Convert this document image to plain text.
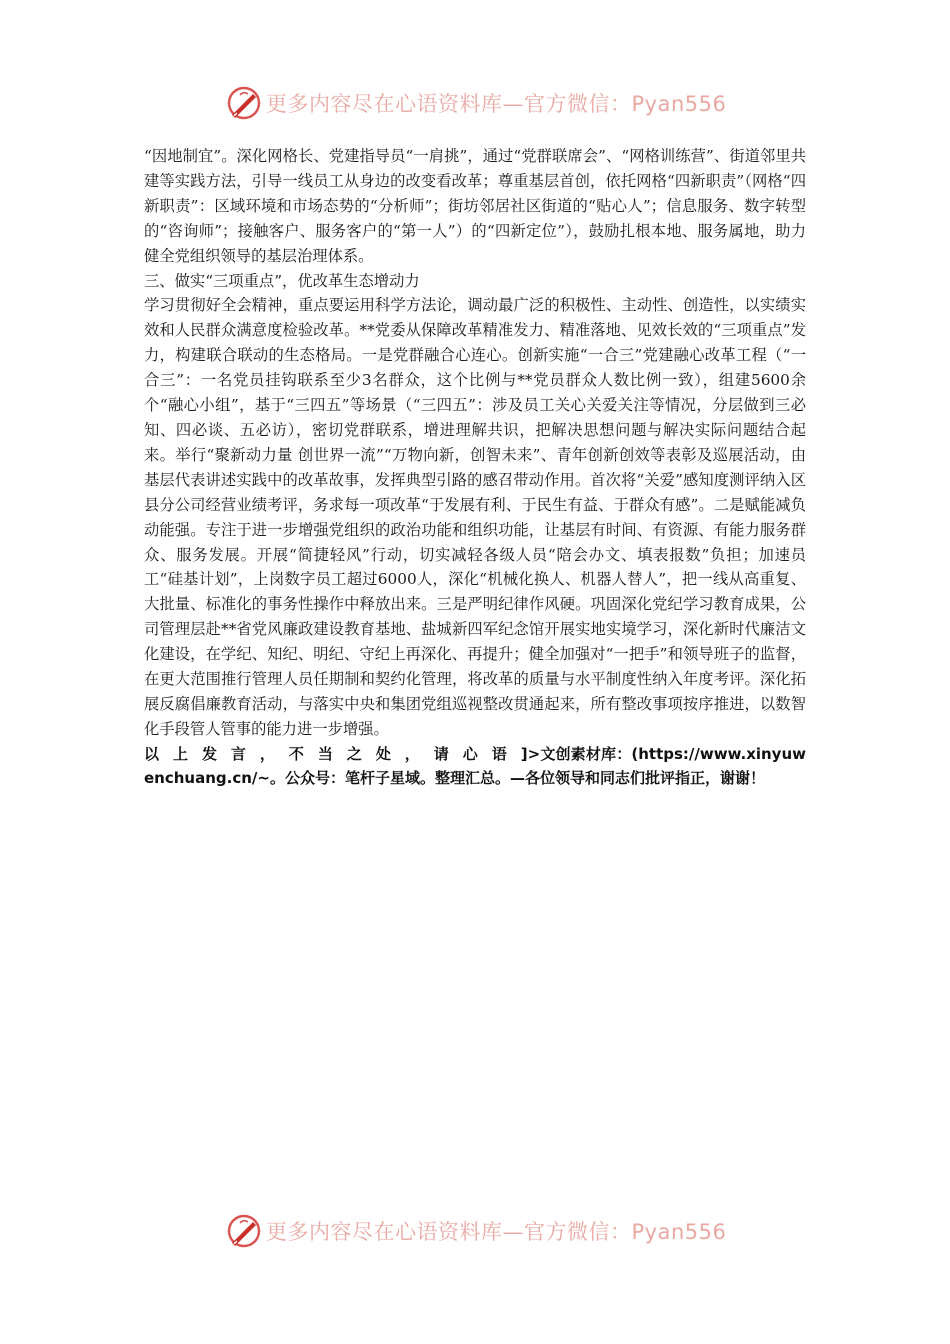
更多内容尽在心语资料库—官方微信：Pyan556

“因地制宜”。深化网格长、党建指导员“一肩挑”，通过“党群联席会”、“网格训练营”、街道邻里共建等实践方法，引导一线员工从身边的改变看改革；尊重基层首创，依托网格“四新职责”（网格“四新职责”：区域环境和市场态势的“分析师”；街坊邻居社区街道的“贴心人”；信息服务、数字转型的“咨询师”；接触客户、服务客户的“第一人”）的“四新定位”），鼓励扎根本地、服务属地，助力健全党组织领导的基层治理体系。

三、做实“三项重点”，优改革生态增动力

学习贯彻好全会精神，重点要运用科学方法论，调动最广泛的积极性、主动性、创造性，以实绩实效和人民群众满意度检验改革。**党委从保障改革精准发力、精准落地、见效长效的“三项重点”发力，构建联合联动的生态格局。一是党群融合心连心。创新实施“一合三”党建融心改革工程（“一合三”：一名党员挂钩联系至少3名群众，这个比例与**党员群众人数比例一致），组建5600余个“融心小组”，基于“三四五”等场景（“三四五”：涉及员工关心关爱关注等情况，分层做到三必知、四必谈、五必访），密切党群联系，增进理解共识，把解决思想问题与解决实际问题结合起来。举行“聚新动力量 创世界一流”“万物向新，创智未来”、青年创新创效等表彰及巡展活动，由基层代表讲述实践中的改革故事，发挥典型引路的感召带动作用。首次将“关爱”感知度测评纳入区县分公司经营业绩考评，务求每一项改革“于发展有利、于民生有益、于群众有感”。二是赋能减负动能强。专注于进一步增强党组织的政治功能和组织功能，让基层有时间、有资源、有能力服务群众、服务发展。开展“简捷轻风”行动，切实减轻各级人员“陪会办文、填表报数”负担；加速员工“硅基计划”，上岗数字员工超过6000人，深化“机械化换人、机器人替人”，把一线从高重复、大批量、标准化的事务性操作中释放出来。三是严明纪律作风硬。巩固深化党纪学习教育成果，公司管理层赴**省党风廉政建设教育基地、盐城新四军纪念馆开展实地实境学习，深化新时代廉洁文化建设，在学纪、知纪、明纪、守纪上再深化、再提升；健全加强对“一把手”和领导班子的监督，在更大范围推行管理人员任期制和契约化管理，将改革的质量与水平制度性纳入年度考评。深化拓展反腐倡廉教育活动，与落实中央和集团党组巡视整改贯通起来，所有整改事项按序推进，以数智化手段管人管事的能力进一步增强。

以上发言，不当之处，请心语]>文创素材库：(https://www.xinyuwenchuang.cn/~。公众号：笔杆子星域。整理汇总。—各位领导和同志们批评指正，谢谢！

更多内容尽在心语资料库—官方微信：Pyan556
